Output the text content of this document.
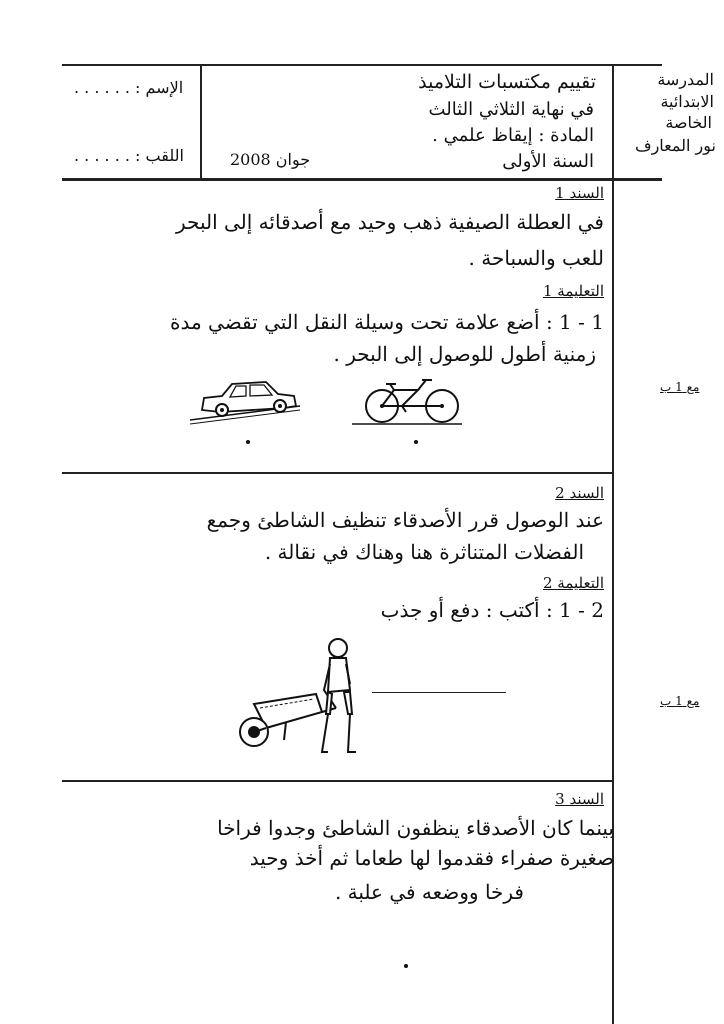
المدرسة
الابتدائية
الخاصة
نور المعارف
تقييم مكتسبات التلاميذ
في نهاية الثلاثي الثالث
المادة : إيقاظ علمي .
السنة الأولى
جوان 2008
الإسم : . . . . . .
اللقب : . . . . . .
السند 1
في العطلة الصيفية ذهب وحيد مع أصدقائه إلى البحر
للعب والسباحة .
التعليمة 1
1 - 1 : أضع علامة تحت وسيلة النقل التي تقضي مدة
زمنية أطول للوصول إلى البحر .
مع 1 ب
السند 2
عند الوصول قرر الأصدقاء تنظيف الشاطئ وجمع
الفضلات المتناثرة هنا وهناك في نقالة .
التعليمة 2
2 - 1 : أكتب : دفع أو جذب
مع 1 ب
السند 3
بينما كان الأصدقاء ينظفون الشاطئ وجدوا فراخا
صغيرة صفراء فقدموا لها طعاما ثم أخذ وحيد
فرخا ووضعه في علبة .
